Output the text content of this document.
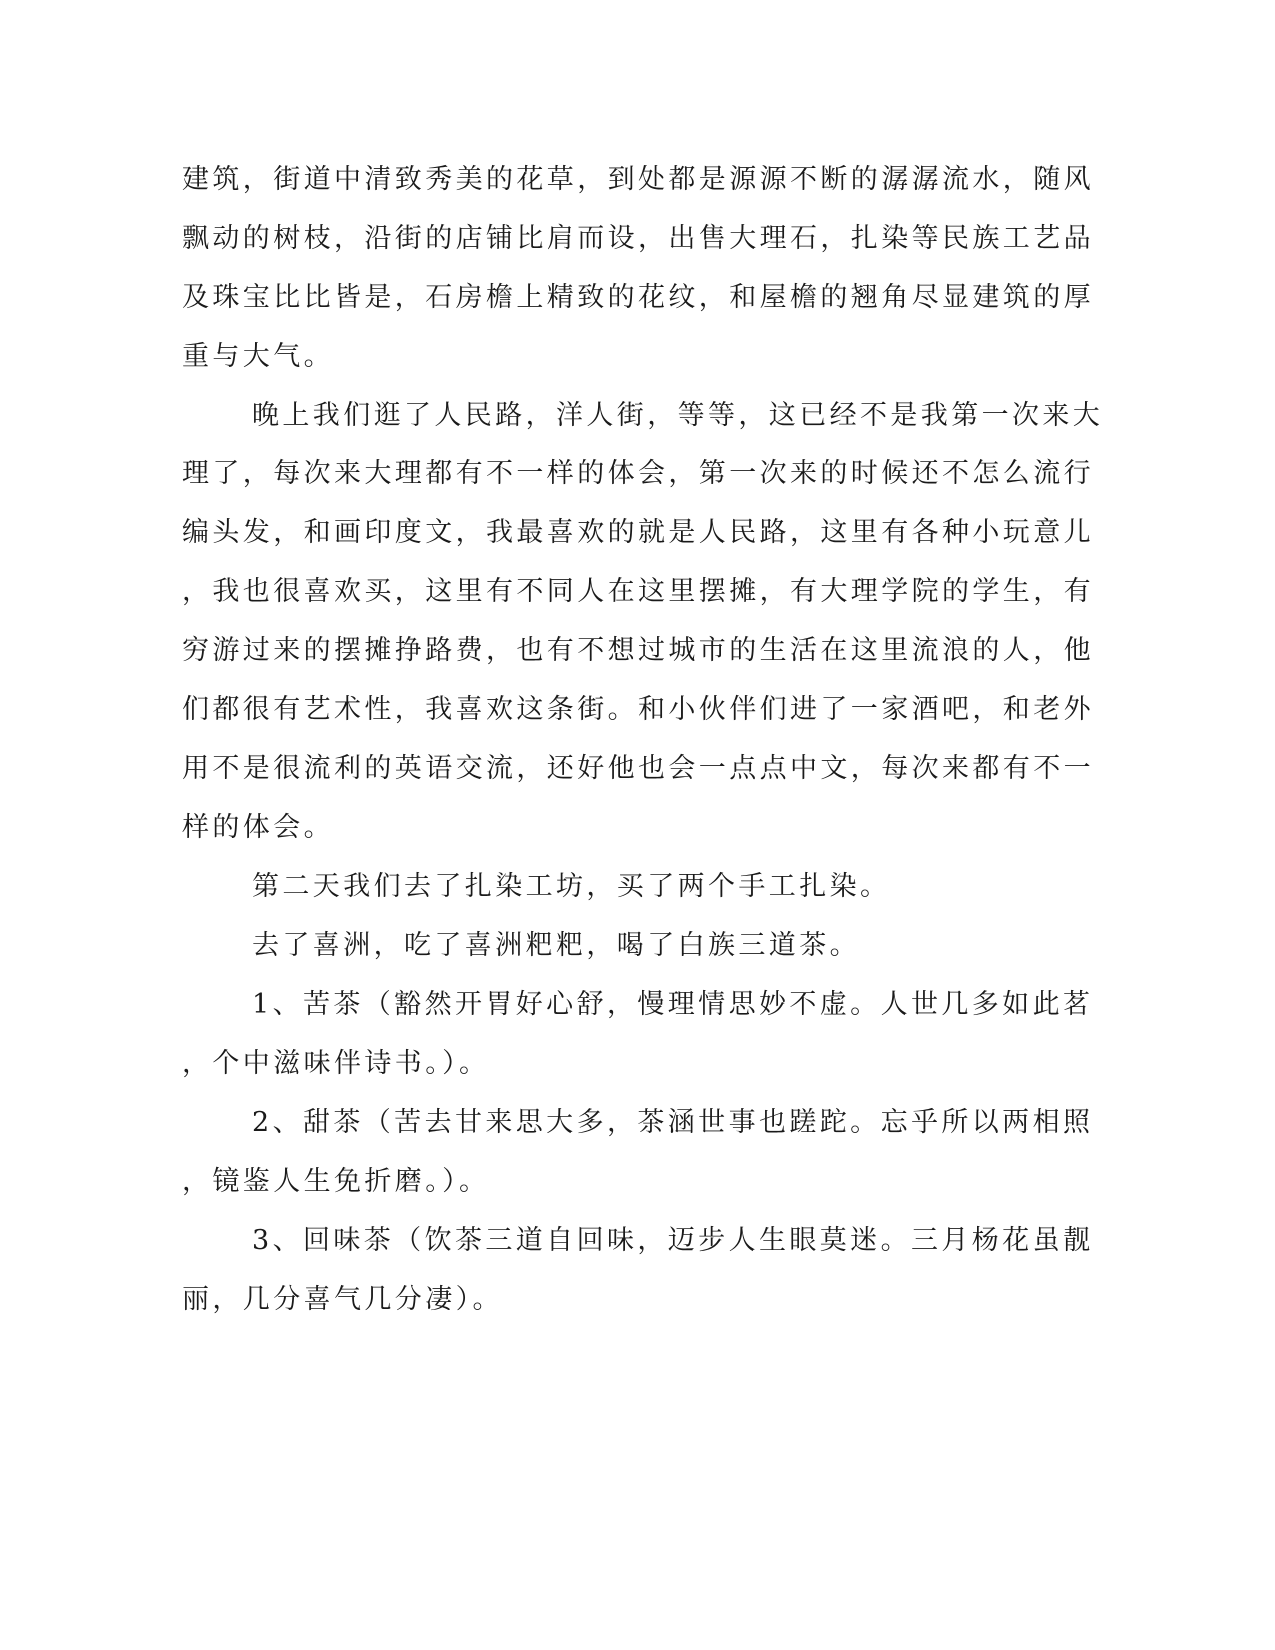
建筑，街道中清致秀美的花草，到处都是源源不断的潺潺流水，随风
飘动的树枝，沿街的店铺比肩而设，出售大理石，扎染等民族工艺品
及珠宝比比皆是，石房檐上精致的花纹，和屋檐的翘角尽显建筑的厚
重与大气。
晚上我们逛了人民路，洋人街，等等，这已经不是我第一次来大
理了，每次来大理都有不一样的体会，第一次来的时候还不怎么流行
编头发，和画印度文，我最喜欢的就是人民路，这里有各种小玩意儿
，我也很喜欢买，这里有不同人在这里摆摊，有大理学院的学生，有
穷游过来的摆摊挣路费，也有不想过城市的生活在这里流浪的人，他
们都很有艺术性，我喜欢这条街。和小伙伴们进了一家酒吧，和老外
用不是很流利的英语交流，还好他也会一点点中文，每次来都有不一
样的体会。
第二天我们去了扎染工坊，买了两个手工扎染。
去了喜洲，吃了喜洲粑粑，喝了白族三道茶。
1、苦茶（豁然开胃好心舒，慢理情思妙不虚。人世几多如此茗
，个中滋味伴诗书。）。
2、甜茶（苦去甘来思大多，茶涵世事也蹉跎。忘乎所以两相照
，镜鉴人生免折磨。）。
3、回味茶（饮茶三道自回味，迈步人生眼莫迷。三月杨花虽靓
丽，几分喜气几分凄）。
